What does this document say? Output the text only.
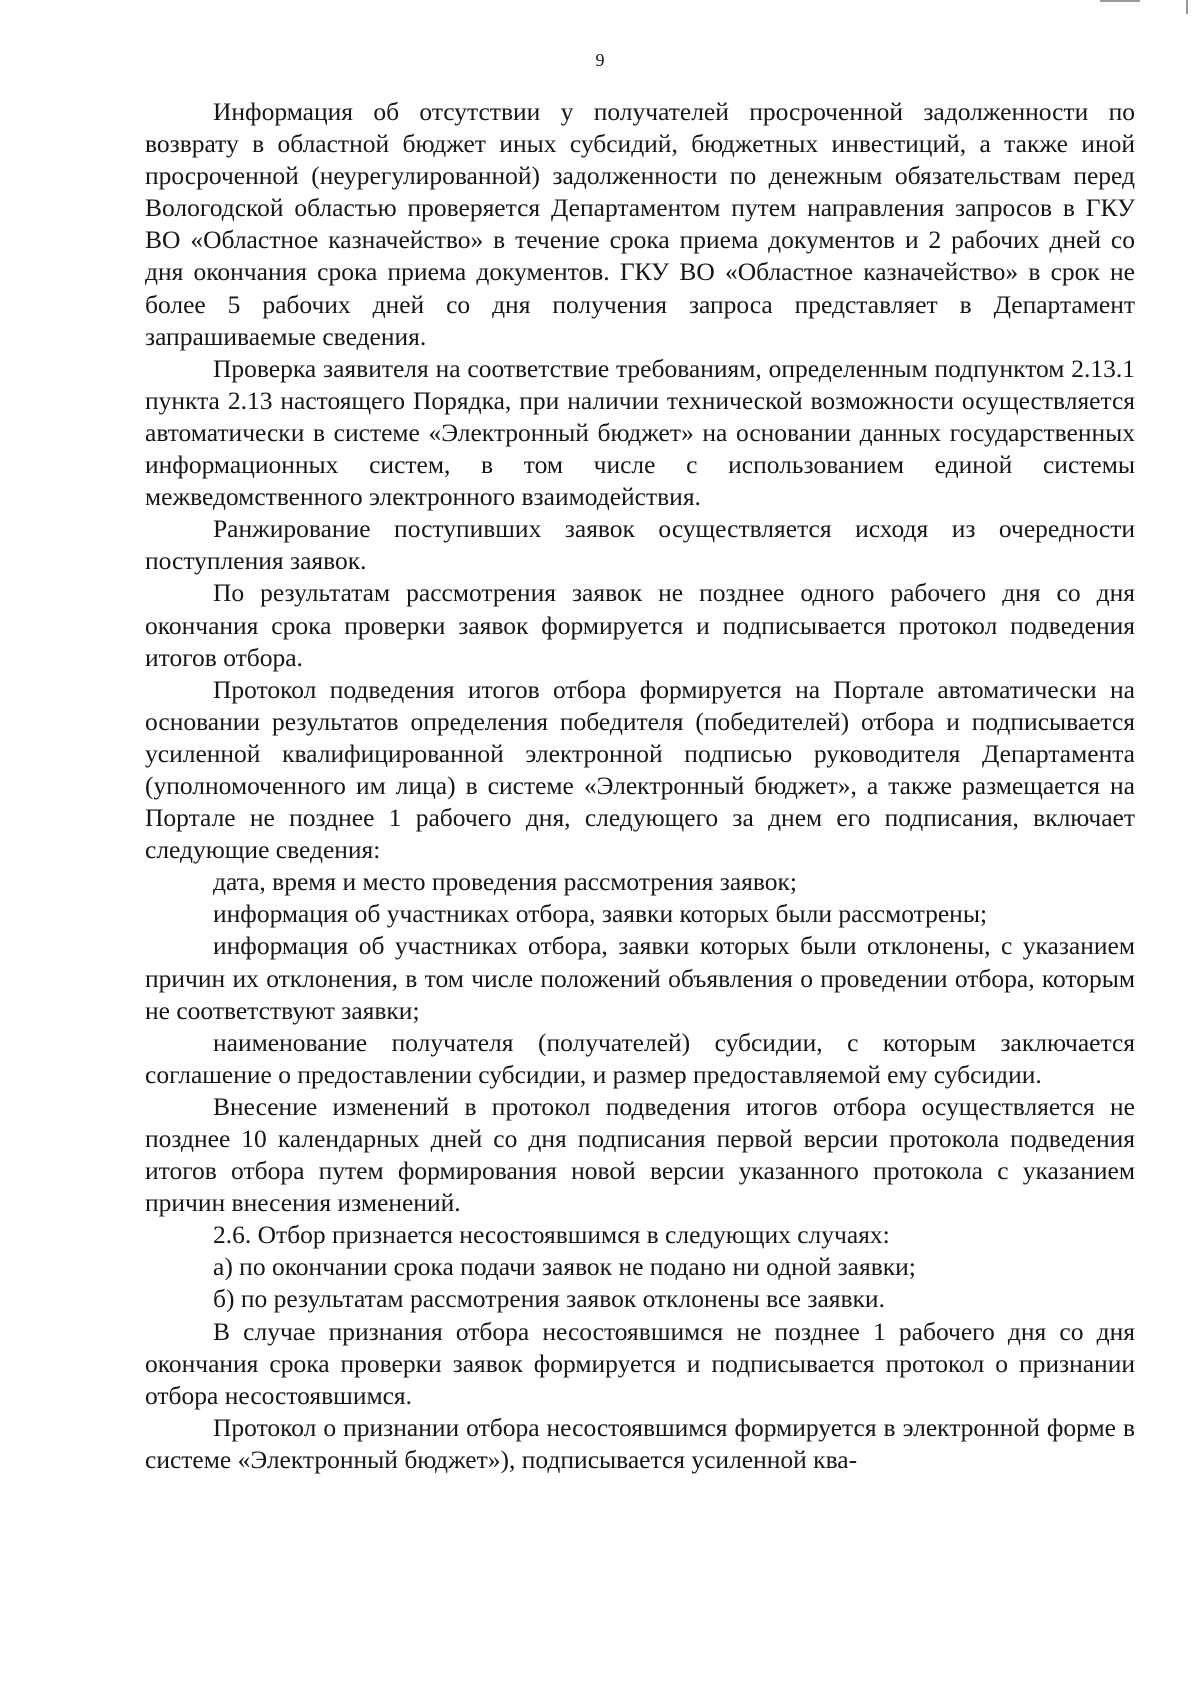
9

Информация об отсутствии у получателей просроченной задолженности по возврату в областной бюджет иных субсидий, бюджетных инвестиций, а также иной просроченной (неурегулированной) задолженности по денежным обязательствам перед Вологодской областью проверяется Департаментом путем направления запросов в ГКУ ВО «Областное казначейство» в течение срока приема документов и 2 рабочих дней со дня окончания срока приема документов. ГКУ ВО «Областное казначейство» в срок не более 5 рабочих дней со дня получения запроса представляет в Департамент запрашиваемые сведения.

Проверка заявителя на соответствие требованиям, определенным подпунктом 2.13.1 пункта 2.13 настоящего Порядка, при наличии технической возможности осуществляется автоматически в системе «Электронный бюджет» на основании данных государственных информационных систем, в том числе с использованием единой системы межведомственного электронного взаимодействия.

Ранжирование поступивших заявок осуществляется исходя из очередности поступления заявок.

По результатам рассмотрения заявок не позднее одного рабочего дня со дня окончания срока проверки заявок формируется и подписывается протокол подведения итогов отбора.

Протокол подведения итогов отбора формируется на Портале автоматически на основании результатов определения победителя (победителей) отбора и подписывается усиленной квалифицированной электронной подписью руководителя Департамента (уполномоченного им лица) в системе «Электронный бюджет», а также размещается на Портале не позднее 1 рабочего дня, следующего за днем его подписания, включает следующие сведения:

дата, время и место проведения рассмотрения заявок;

информация об участниках отбора, заявки которых были рассмотрены;

информация об участниках отбора, заявки которых были отклонены, с указанием причин их отклонения, в том числе положений объявления о проведении отбора, которым не соответствуют заявки;

наименование получателя (получателей) субсидии, с которым заключается соглашение о предоставлении субсидии, и размер предоставляемой ему субсидии.

Внесение изменений в протокол подведения итогов отбора осуществляется не позднее 10 календарных дней со дня подписания первой версии протокола подведения итогов отбора путем формирования новой версии указанного протокола с указанием причин внесения изменений.

2.6. Отбор признается несостоявшимся в следующих случаях:

а) по окончании срока подачи заявок не подано ни одной заявки;

б) по результатам рассмотрения заявок отклонены все заявки.

В случае признания отбора несостоявшимся не позднее 1 рабочего дня со дня окончания срока проверки заявок формируется и подписывается протокол о признании отбора несостоявшимся.

Протокол о признании отбора несостоявшимся формируется в электронной форме в системе «Электронный бюджет»), подписывается усиленной ква-
